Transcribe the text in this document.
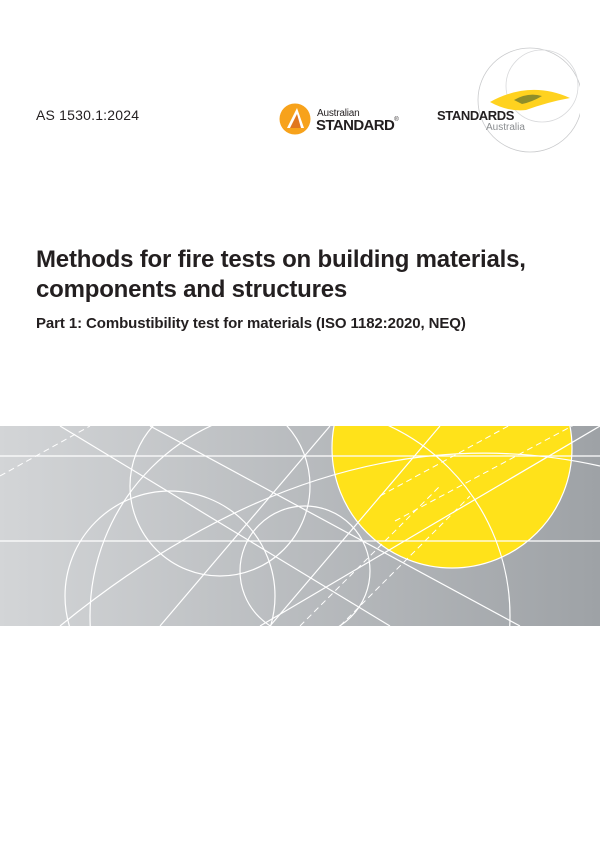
AS 1530.1:2024	Australian
STANDARD®	STANDARDS
Australia
Methods for fire tests on building materials, components and structures
Part 1: Combustibility test for materials (ISO 1182:2020, NEQ)
